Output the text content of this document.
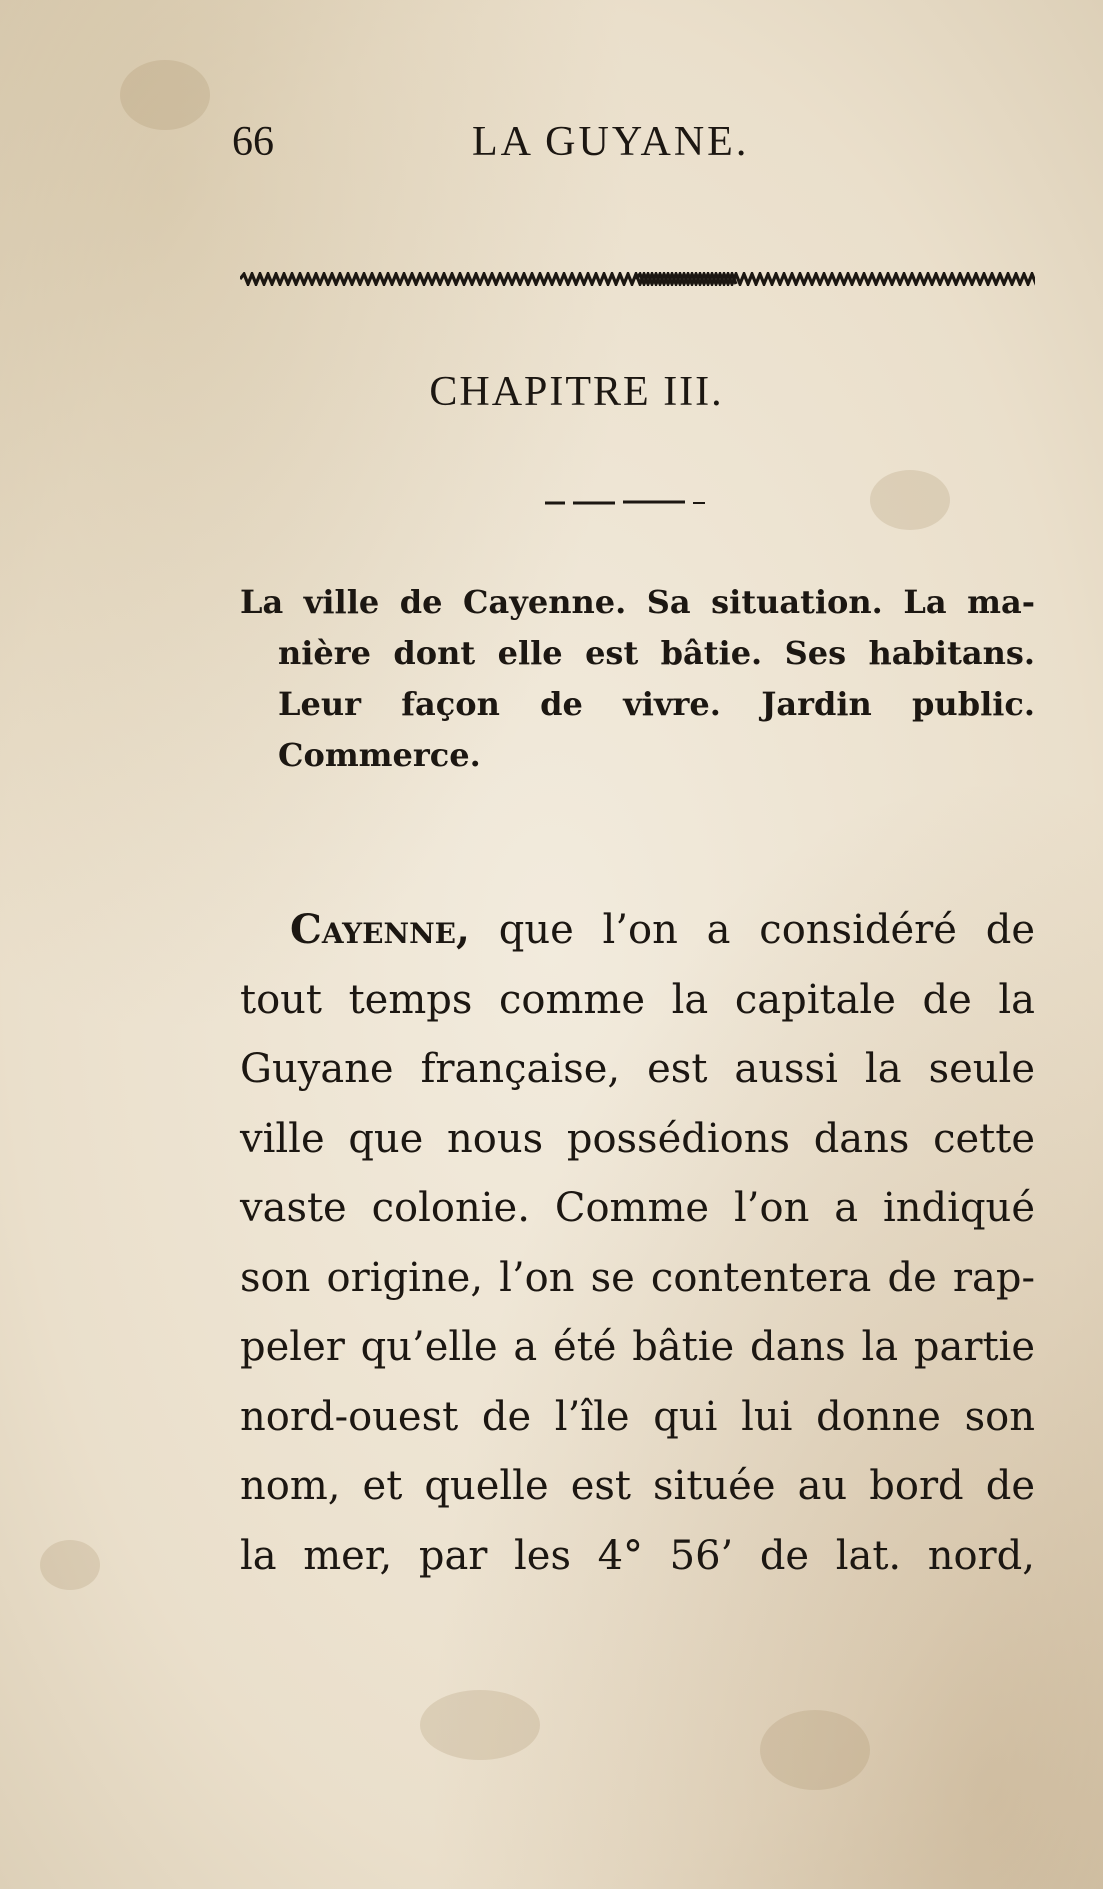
66	LA GUYANE.
CHAPITRE III.
La ville de Cayenne. Sa situation. La ma-
nière dont elle est bâtie. Ses habitans.
Leur façon de vivre. Jardin public.
Commerce.
Cayenne, que l’on a considéré de
tout temps comme la capitale de la
Guyane française, est aussi la seule
ville que nous possédions dans cette
vaste colonie. Comme l’on a indiqué
son origine, l’on se contentera de rap-
peler qu’elle a été bâtie dans la partie
nord-ouest de l’île qui lui donne son
nom, et quelle est située au bord de
la mer, par les 4° 56’ de lat. nord,
